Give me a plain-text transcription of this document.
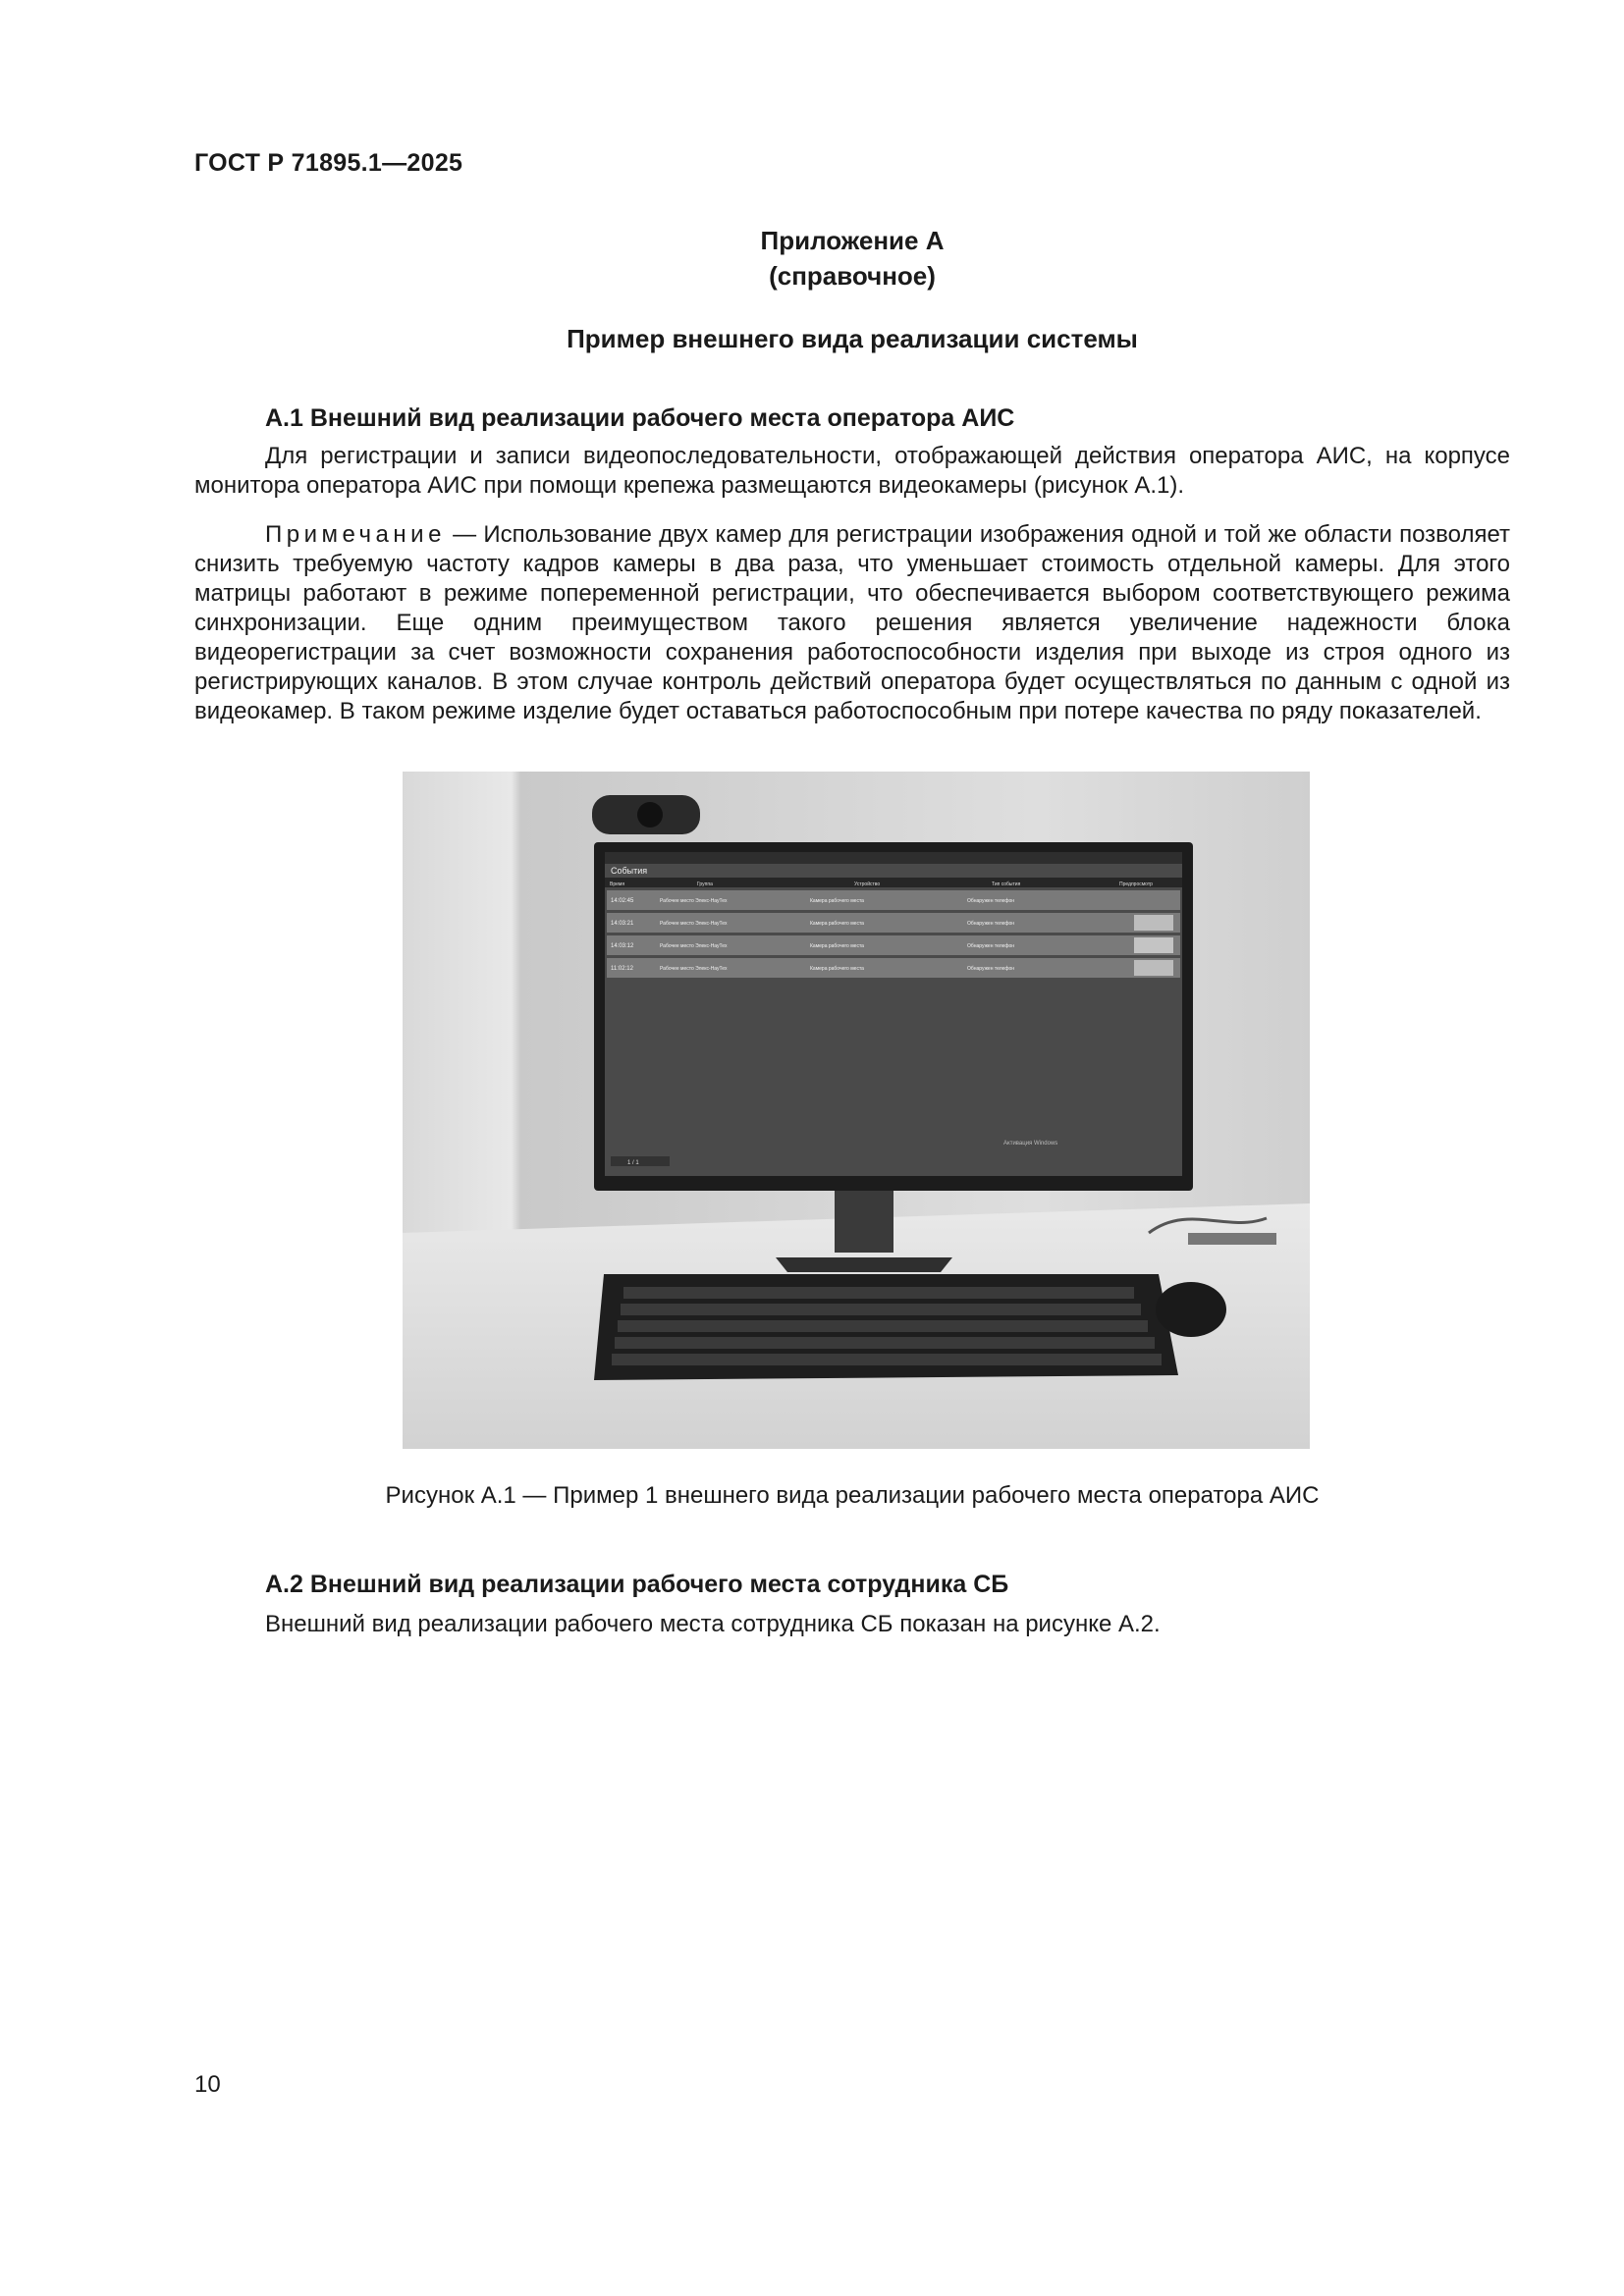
ГОСТ Р 71895.1—2025
Приложение А
(справочное)
Пример внешнего вида реализации системы
А.1 Внешний вид реализации рабочего места оператора АИС
Для регистрации и записи видеопоследовательности, отображающей действия оператора АИС, на корпусе монитора оператора АИС при помощи крепежа размещаются видеокамеры (рисунок А.1).
Примечание — Использование двух камер для регистрации изображения одной и той же области позволяет снизить требуемую частоту кадров камеры в два раза, что уменьшает стоимость отдельной камеры. Для этого матрицы работают в режиме попеременной регистрации, что обеспечивается выбором соответствующего режима синхронизации. Еще одним преимуществом такого решения является увеличение надежности блока видеорегистрации за счет возможности сохранения работоспособности изделия при выходе из строя одного из регистрирующих каналов. В этом случае контроль действий оператора будет осуществляться по данным с одной из видеокамер. В таком режиме изделие будет оставаться работоспособным при потере качества по ряду показателей.
События
Время	Группа	Устройство	Тип события	Предпросмотр
14:02:45	Рабочее место Элекс-НауТех	Камера рабочего места	Обнаружен телефон
14:03:21	Рабочее место Элекс-НауТех	Камера рабочего места	Обнаружен телефон
14:03:12	Рабочее место Элекс-НауТех	Камера рабочего места	Обнаружен телефон
11:02:12	Рабочее место Элекс-НауТех	Камера рабочего места	Обнаружен телефон
1 / 1
Активация Windows
Рисунок А.1 — Пример 1 внешнего вида реализации рабочего места оператора АИС
А.2 Внешний вид реализации рабочего места сотрудника СБ
Внешний вид реализации рабочего места сотрудника СБ показан на рисунке А.2.
10
